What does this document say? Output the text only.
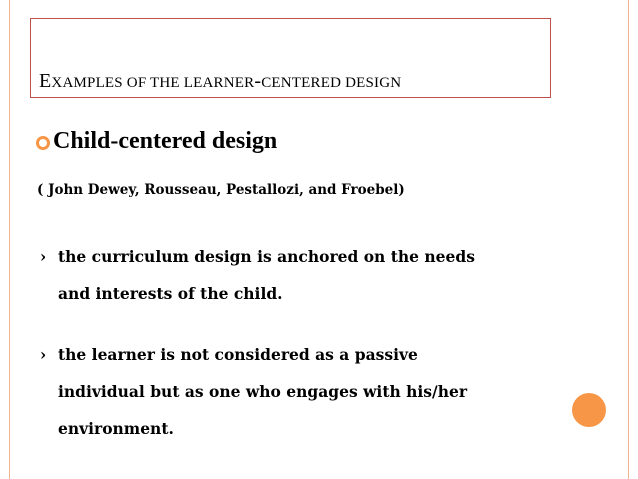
EXAMPLES OF THE LEARNER-CENTERED DESIGN
Child-centered design
( John Dewey, Rousseau, Pestallozi, and Froebel)
› the curriculum design is anchored on the needs
and interests of the child.
› the learner is not considered as a passive
individual but as one who engages with his/her
environment.
